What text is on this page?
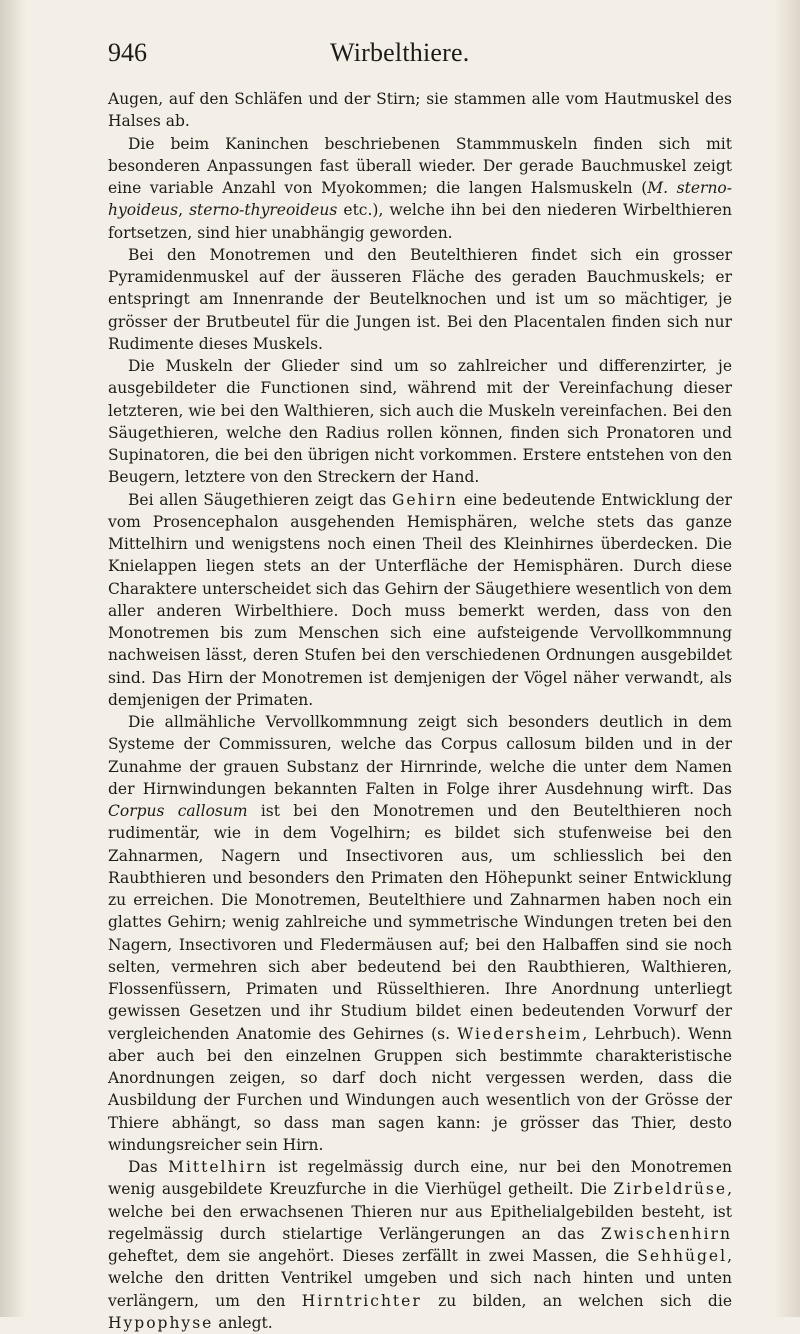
946	Wirbelthiere.

Augen, auf den Schläfen und der Stirn; sie stammen alle vom Hautmuskel des Halses ab.

Die beim Kaninchen beschriebenen Stammmuskeln finden sich mit besonderen Anpassungen fast überall wieder. Der gerade Bauchmuskel zeigt eine variable Anzahl von Myokommen; die langen Halsmuskeln (M. sterno-hyoideus, sterno-thyreoideus etc.), welche ihn bei den niederen Wirbelthieren fortsetzen, sind hier unabhängig geworden.

Bei den Monotremen und den Beutelthieren findet sich ein grosser Pyramidenmuskel auf der äusseren Fläche des geraden Bauchmuskels; er entspringt am Innenrande der Beutelknochen und ist um so mächtiger, je grösser der Brutbeutel für die Jungen ist. Bei den Placentalen finden sich nur Rudimente dieses Muskels.

Die Muskeln der Glieder sind um so zahlreicher und differenzirter, je ausgebildeter die Functionen sind, während mit der Vereinfachung dieser letzteren, wie bei den Walthieren, sich auch die Muskeln vereinfachen. Bei den Säugethieren, welche den Radius rollen können, finden sich Pronatoren und Supinatoren, die bei den übrigen nicht vorkommen. Erstere entstehen von den Beugern, letztere von den Streckern der Hand.

Bei allen Säugethieren zeigt das Gehirn eine bedeutende Entwicklung der vom Prosencephalon ausgehenden Hemisphären, welche stets das ganze Mittelhirn und wenigstens noch einen Theil des Kleinhirnes überdecken. Die Knielappen liegen stets an der Unterfläche der Hemisphären. Durch diese Charaktere unterscheidet sich das Gehirn der Säugethiere wesentlich von dem aller anderen Wirbelthiere. Doch muss bemerkt werden, dass von den Monotremen bis zum Menschen sich eine aufsteigende Vervollkommnung nachweisen lässt, deren Stufen bei den verschiedenen Ordnungen ausgebildet sind. Das Hirn der Monotremen ist demjenigen der Vögel näher verwandt, als demjenigen der Primaten.

Die allmähliche Vervollkommnung zeigt sich besonders deutlich in dem Systeme der Commissuren, welche das Corpus callosum bilden und in der Zunahme der grauen Substanz der Hirnrinde, welche die unter dem Namen der Hirnwindungen bekannten Falten in Folge ihrer Ausdehnung wirft. Das Corpus callosum ist bei den Monotremen und den Beutelthieren noch rudimentär, wie in dem Vogelhirn; es bildet sich stufenweise bei den Zahnarmen, Nagern und Insectivoren aus, um schliesslich bei den Raubthieren und besonders den Primaten den Höhepunkt seiner Entwicklung zu erreichen. Die Monotremen, Beutelthiere und Zahnarmen haben noch ein glattes Gehirn; wenig zahlreiche und symmetrische Windungen treten bei den Nagern, Insectivoren und Fledermäusen auf; bei den Halbaffen sind sie noch selten, vermehren sich aber bedeutend bei den Raubthieren, Walthieren, Flossenfüssern, Primaten und Rüsselthieren. Ihre Anordnung unterliegt gewissen Gesetzen und ihr Studium bildet einen bedeutenden Vorwurf der vergleichenden Anatomie des Gehirnes (s. Wiedersheim, Lehrbuch). Wenn aber auch bei den einzelnen Gruppen sich bestimmte charakteristische Anordnungen zeigen, so darf doch nicht vergessen werden, dass die Ausbildung der Furchen und Windungen auch wesentlich von der Grösse der Thiere abhängt, so dass man sagen kann: je grösser das Thier, desto windungsreicher sein Hirn.

Das Mittelhirn ist regelmässig durch eine, nur bei den Monotremen wenig ausgebildete Kreuzfurche in die Vierhügel getheilt. Die Zirbeldrüse, welche bei den erwachsenen Thieren nur aus Epithelialgebilden besteht, ist regelmässig durch stielartige Verlängerungen an das Zwischenhirn geheftet, dem sie angehört. Dieses zerfällt in zwei Massen, die Sehhügel, welche den dritten Ventrikel umgeben und sich nach hinten und unten verlängern, um den Hirntrichter zu bilden, an welchen sich die Hypophyse anlegt.
